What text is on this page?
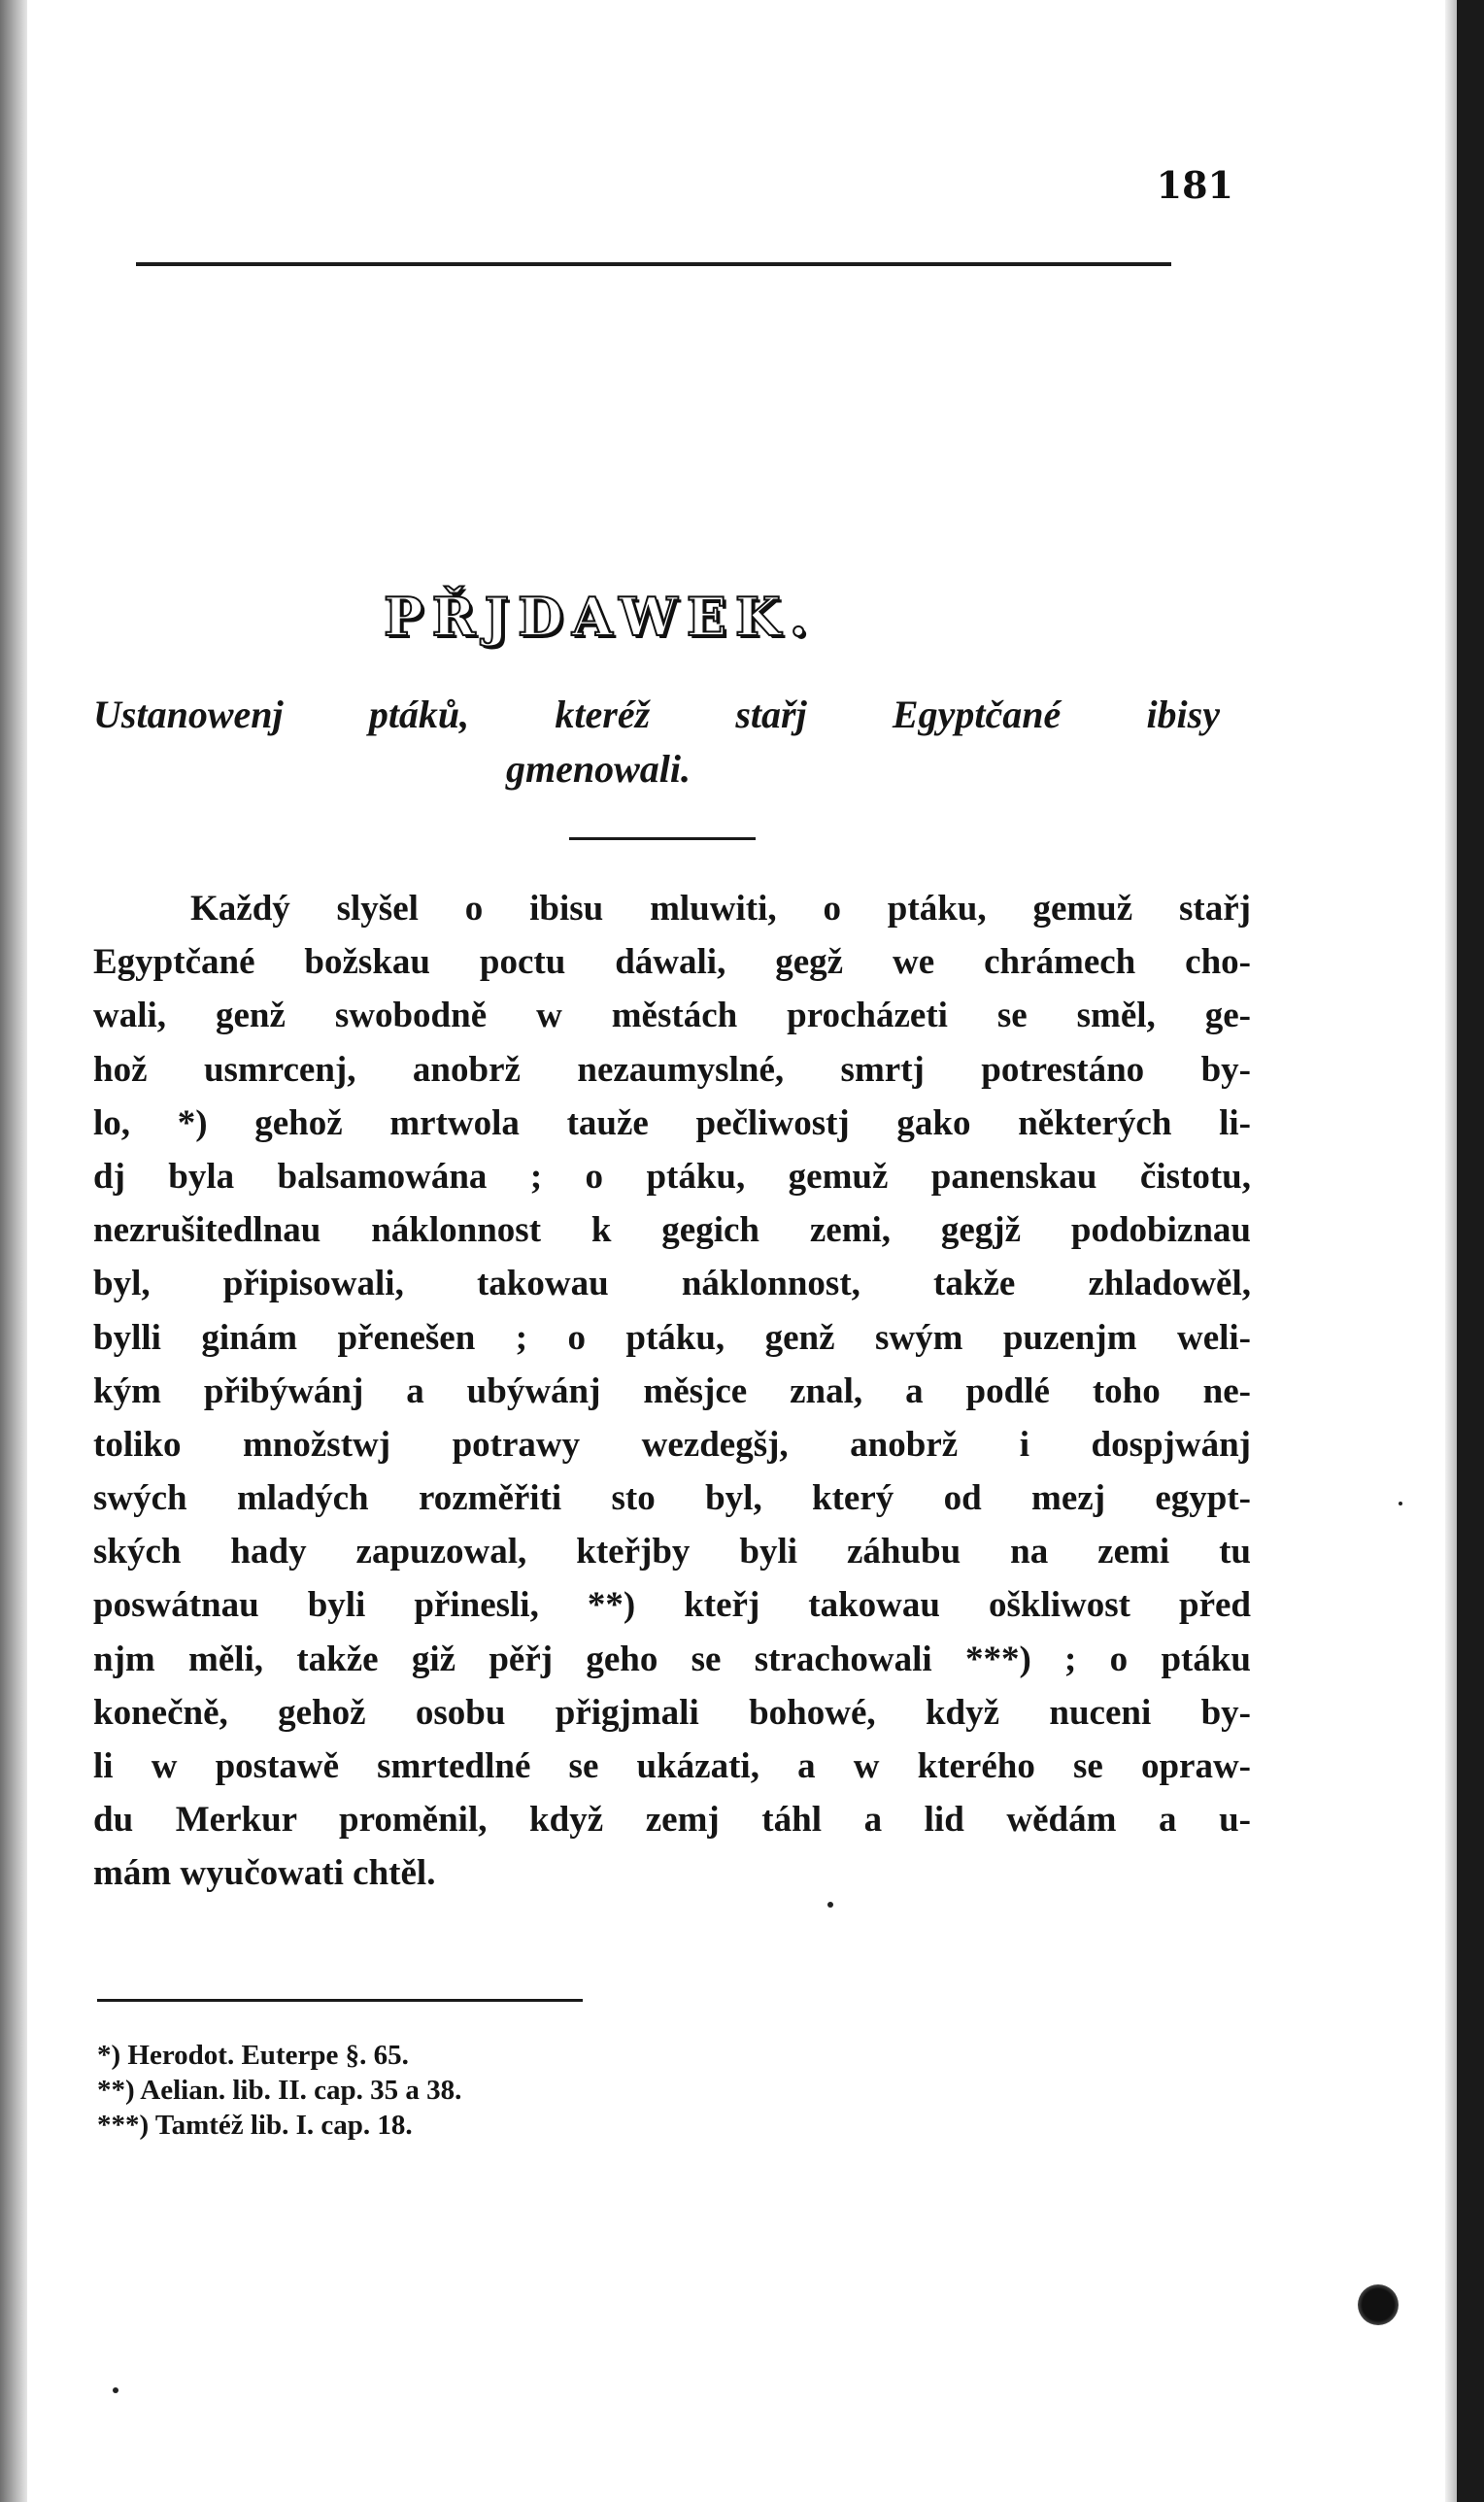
181
PŘJDAWEK.
Ustanowenj ptáků, kteréž stařj Egyptčané ibisy
gmenowali.
Každý slyšel o ibisu mluwiti, o ptáku, gemuž stařj
Egyptčané božskau poctu dáwali, gegž we chrámech cho-
wali, genž swobodně w městách procházeti se směl, ge-
hož usmrcenj, anobrž nezaumyslné, smrtj potrestáno by-
lo, *) gehož mrtwola tauže pečliwostj gako některých li-
dj byla balsamowána ; o ptáku, gemuž panenskau čistotu,
nezrušitedlnau náklonnost k gegich zemi, gegjž podobiznau
byl, připisowali, takowau náklonnost, takže zhladowěl,
bylli ginám přenešen ; o ptáku, genž swým puzenjm weli-
kým přibýwánj a ubýwánj měsjce znal, a podlé toho ne-
toliko množstwj potrawy wezdegšj, anobrž i dospjwánj
swých mladých rozměřiti sto byl, který od mezj egypt-
ských hady zapuzowal, kteřjby byli záhubu na zemi tu
poswátnau byli přinesli, **) kteřj takowau oškliwost před
njm měli, takže giž pěřj geho se strachowali ***) ; o ptáku
konečně, gehož osobu přigjmali bohowé, když nuceni by-
li w postawě smrtedlné se ukázati, a w kterého se opraw-
du Merkur proměnil, když zemj táhl a lid wědám a u-
mám wyučowati chtěl.
*) Herodot. Euterpe §. 65.
**) Aelian. lib. II. cap. 35 a 38.
***) Tamtéž lib. I. cap. 18.
